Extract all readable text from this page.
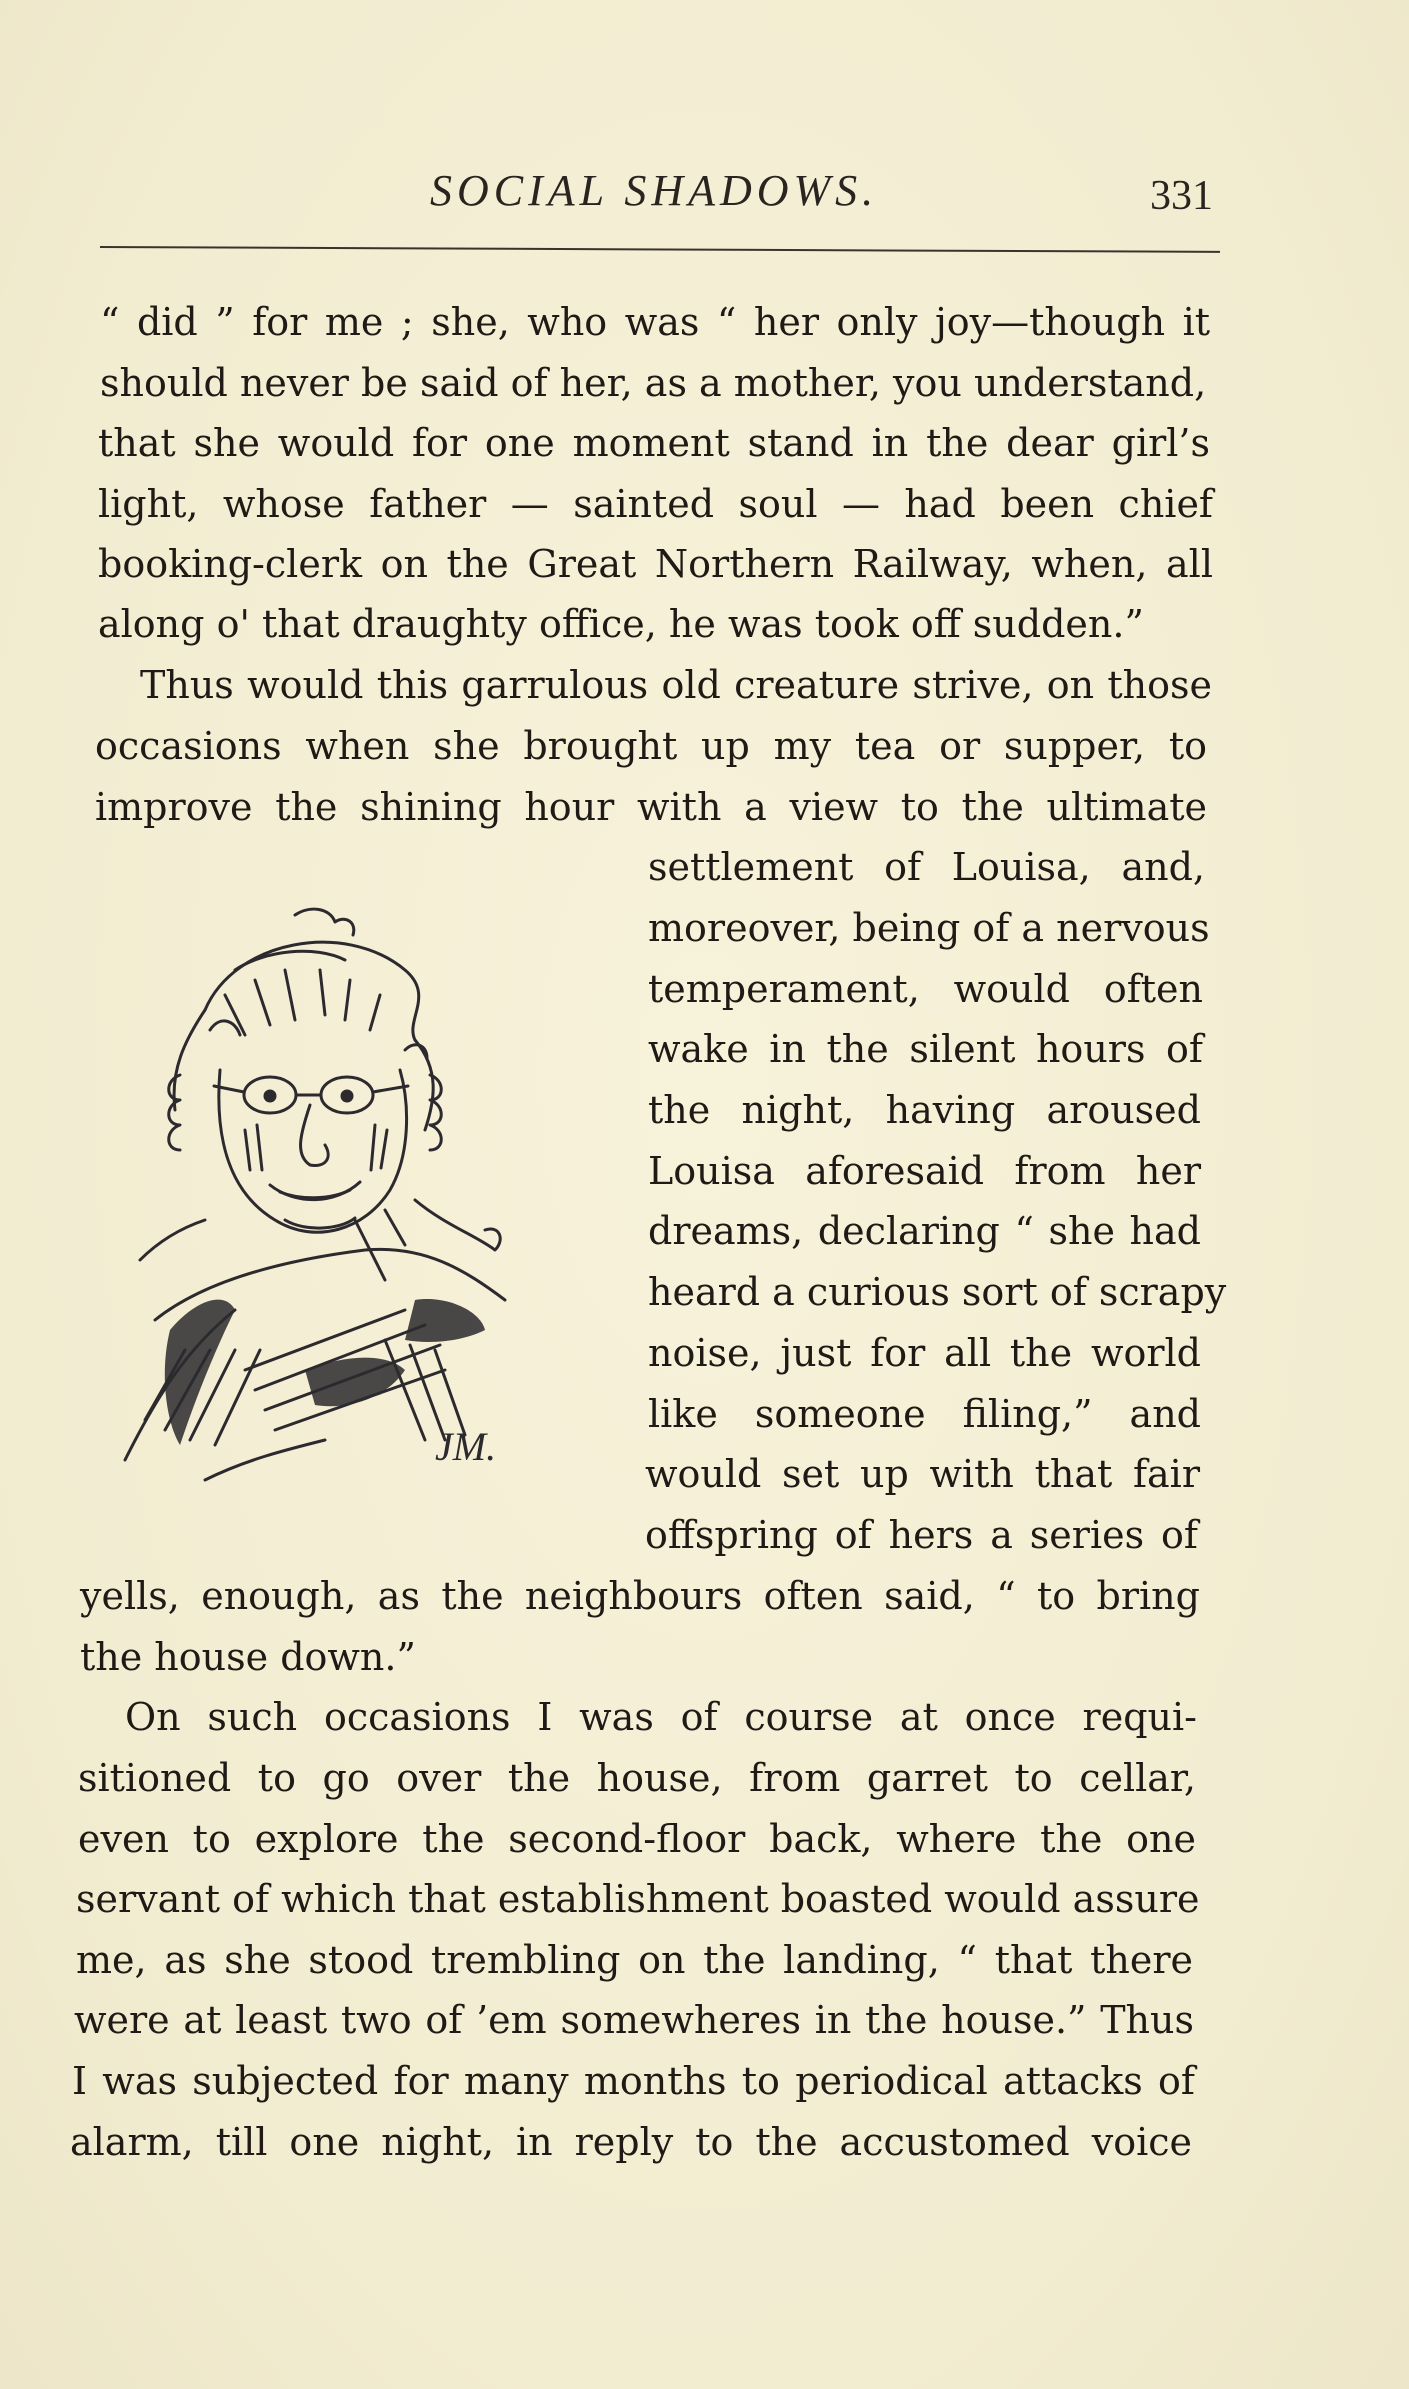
SOCIAL SHADOWS.	331
“ did ” for me ; she, who was “ her only joy—though it
should never be said of her, as a mother, you understand,
that she would for one moment stand in the dear girl’s
light, whose father — sainted soul — had been chief
booking-clerk on the Great Northern Railway, when, all
along o' that draughty office, he was took off sudden.”
Thus would this garrulous old creature strive, on those
occasions when she brought up my tea or supper, to
improve the shining hour with a view to the ultimate
settlement of Louisa, and,
moreover, being of a nervous
temperament, would often
wake in the silent hours of
the night, having aroused
Louisa aforesaid from her
dreams, declaring “ she had
heard a curious sort of scrapy
noise, just for all the world
like someone filing,” and
would set up with that fair
offspring of hers a series of
yells, enough, as the neighbours often said, “ to bring
the house down.”
On such occasions I was of course at once requi-
sitioned to go over the house, from garret to cellar,
even to explore the second-floor back, where the one
servant of which that establishment boasted would assure
me, as she stood trembling on the landing, “ that there
were at least two of ’em somewheres in the house.” Thus
I was subjected for many months to periodical attacks of
alarm, till one night, in reply to the accustomed voice
JM.
